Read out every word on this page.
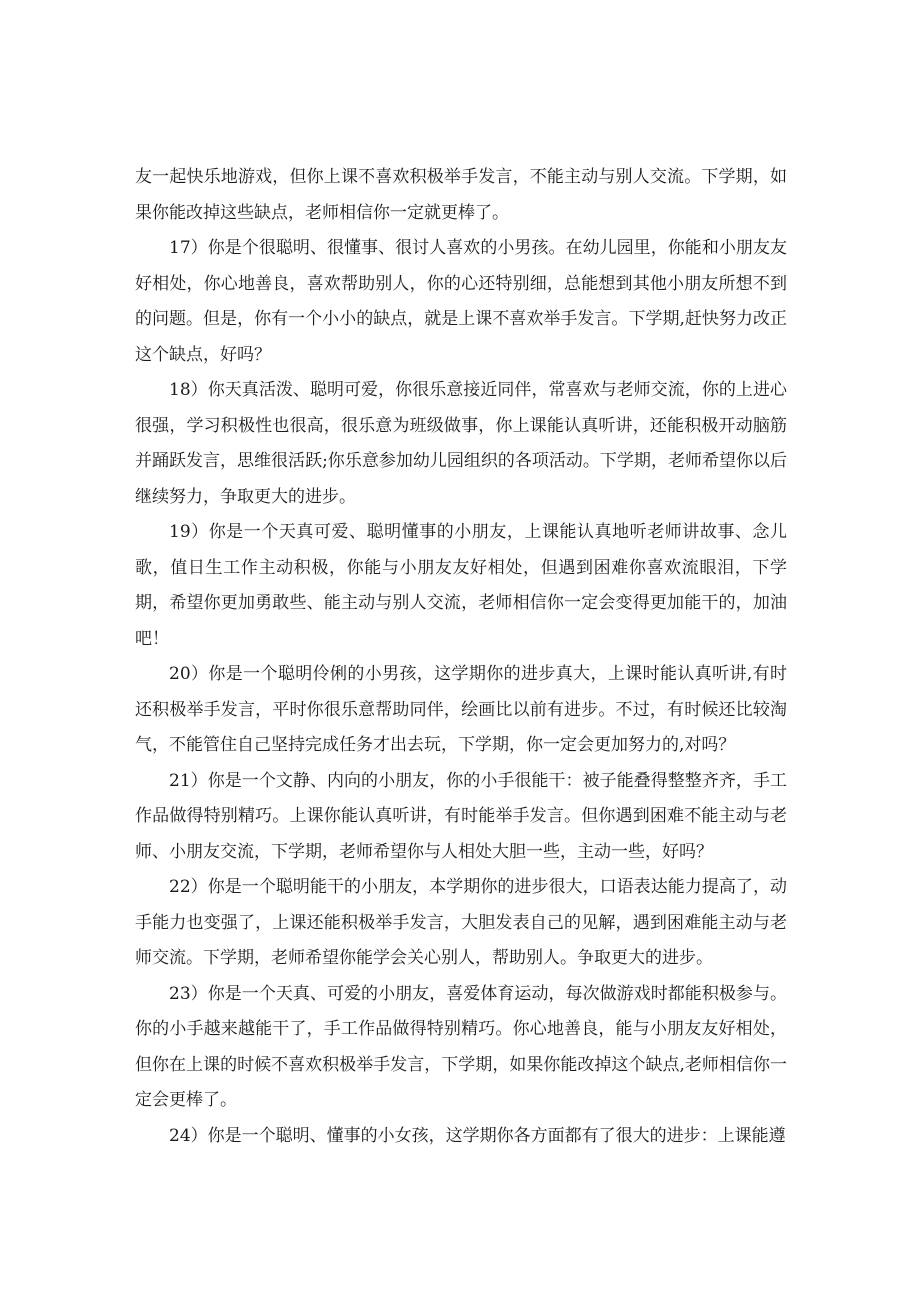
友一起快乐地游戏，但你上课不喜欢积极举手发言，不能主动与别人交流。下学期，如果你能改掉这些缺点，老师相信你一定就更棒了。

17）你是个很聪明、很懂事、很讨人喜欢的小男孩。在幼儿园里，你能和小朋友友好相处，你心地善良，喜欢帮助别人，你的心还特别细，总能想到其他小朋友所想不到的问题。但是，你有一个小小的缺点，就是上课不喜欢举手发言。下学期,赶快努力改正这个缺点，好吗？

18）你天真活泼、聪明可爱，你很乐意接近同伴，常喜欢与老师交流，你的上进心很强，学习积极性也很高，很乐意为班级做事，你上课能认真听讲，还能积极开动脑筋并踊跃发言，思维很活跃;你乐意参加幼儿园组织的各项活动。下学期，老师希望你以后继续努力，争取更大的进步。

19）你是一个天真可爱、聪明懂事的小朋友，上课能认真地听老师讲故事、念儿歌，值日生工作主动积极，你能与小朋友友好相处，但遇到困难你喜欢流眼泪，下学期，希望你更加勇敢些、能主动与别人交流，老师相信你一定会变得更加能干的，加油吧！

20）你是一个聪明伶俐的小男孩，这学期你的进步真大，上课时能认真听讲,有时还积极举手发言，平时你很乐意帮助同伴，绘画比以前有进步。不过，有时候还比较淘气，不能管住自己坚持完成任务才出去玩，下学期，你一定会更加努力的,对吗？

21）你是一个文静、内向的小朋友，你的小手很能干：被子能叠得整整齐齐，手工作品做得特别精巧。上课你能认真听讲，有时能举手发言。但你遇到困难不能主动与老师、小朋友交流，下学期，老师希望你与人相处大胆一些，主动一些，好吗？

22）你是一个聪明能干的小朋友，本学期你的进步很大，口语表达能力提高了，动手能力也变强了，上课还能积极举手发言，大胆发表自己的见解，遇到困难能主动与老师交流。下学期，老师希望你能学会关心别人，帮助别人。争取更大的进步。

23）你是一个天真、可爱的小朋友，喜爱体育运动，每次做游戏时都能积极参与。你的小手越来越能干了，手工作品做得特别精巧。你心地善良，能与小朋友友好相处，但你在上课的时候不喜欢积极举手发言，下学期，如果你能改掉这个缺点,老师相信你一定会更棒了。

24）你是一个聪明、懂事的小女孩，这学期你各方面都有了很大的进步：上课能遵
